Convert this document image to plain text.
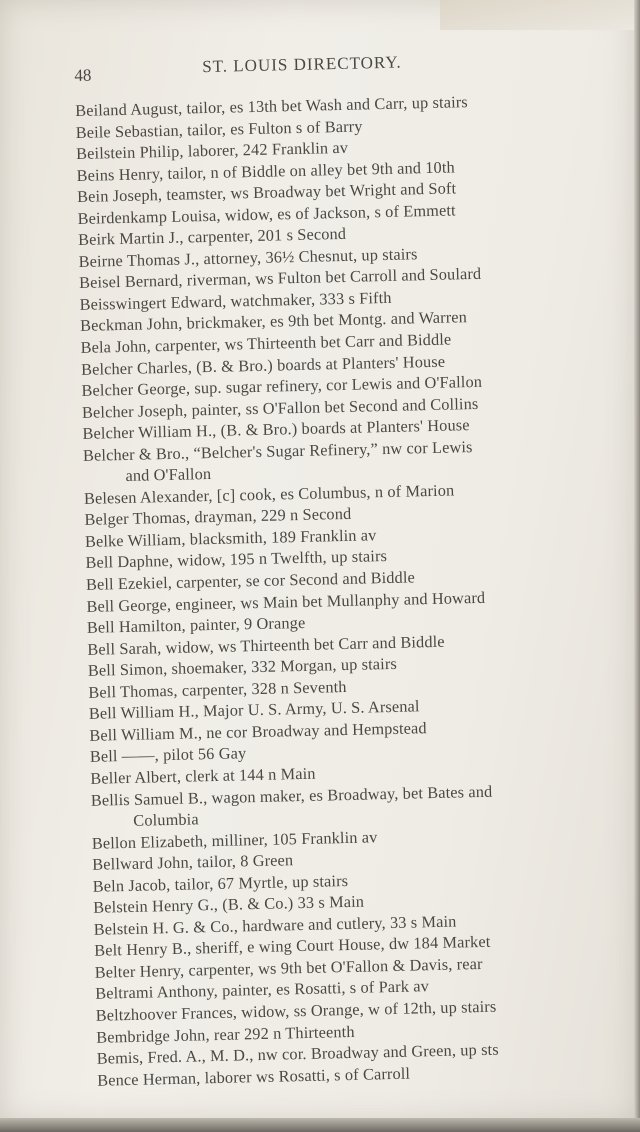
48	ST. LOUIS DIRECTORY.
Beiland August, tailor, es 13th bet Wash and Carr, up stairs
Beile Sebastian, tailor, es Fulton s of Barry
Beilstein Philip, laborer, 242 Franklin av
Beins Henry, tailor, n of Biddle on alley bet 9th and 10th
Bein Joseph, teamster, ws Broadway bet Wright and Soft
Beirdenkamp Louisa, widow, es of Jackson, s of Emmett
Beirk Martin J., carpenter, 201 s Second
Beirne Thomas J., attorney, 36½ Chesnut, up stairs
Beisel Bernard, riverman, ws Fulton bet Carroll and Soulard
Beisswingert Edward, watchmaker, 333 s Fifth
Beckman John, brickmaker, es 9th bet Montg. and Warren
Bela John, carpenter, ws Thirteenth bet Carr and Biddle
Belcher Charles, (B. & Bro.) boards at Planters' House
Belcher George, sup. sugar refinery, cor Lewis and O'Fallon
Belcher Joseph, painter, ss O'Fallon bet Second and Collins
Belcher William H., (B. & Bro.) boards at Planters' House
Belcher & Bro., “Belcher's Sugar Refinery,” nw cor Lewis
and O'Fallon
Belesen Alexander, [c] cook, es Columbus, n of Marion
Belger Thomas, drayman, 229 n Second
Belke William, blacksmith, 189 Franklin av
Bell Daphne, widow, 195 n Twelfth, up stairs
Bell Ezekiel, carpenter, se cor Second and Biddle
Bell George, engineer, ws Main bet Mullanphy and Howard
Bell Hamilton, painter, 9 Orange
Bell Sarah, widow, ws Thirteenth bet Carr and Biddle
Bell Simon, shoemaker, 332 Morgan, up stairs
Bell Thomas, carpenter, 328 n Seventh
Bell William H., Major U. S. Army, U. S. Arsenal
Bell William M., ne cor Broadway and Hempstead
Bell ——, pilot 56 Gay
Beller Albert, clerk at 144 n Main
Bellis Samuel B., wagon maker, es Broadway, bet Bates and
Columbia
Bellon Elizabeth, milliner, 105 Franklin av
Bellward John, tailor, 8 Green
Beln Jacob, tailor, 67 Myrtle, up stairs
Belstein Henry G., (B. & Co.) 33 s Main
Belstein H. G. & Co., hardware and cutlery, 33 s Main
Belt Henry B., sheriff, e wing Court House, dw 184 Market
Belter Henry, carpenter, ws 9th bet O'Fallon & Davis, rear
Beltrami Anthony, painter, es Rosatti, s of Park av
Beltzhoover Frances, widow, ss Orange, w of 12th, up stairs
Bembridge John, rear 292 n Thirteenth
Bemis, Fred. A., M. D., nw cor. Broadway and Green, up sts
Bence Herman, laborer ws Rosatti, s of Carroll
